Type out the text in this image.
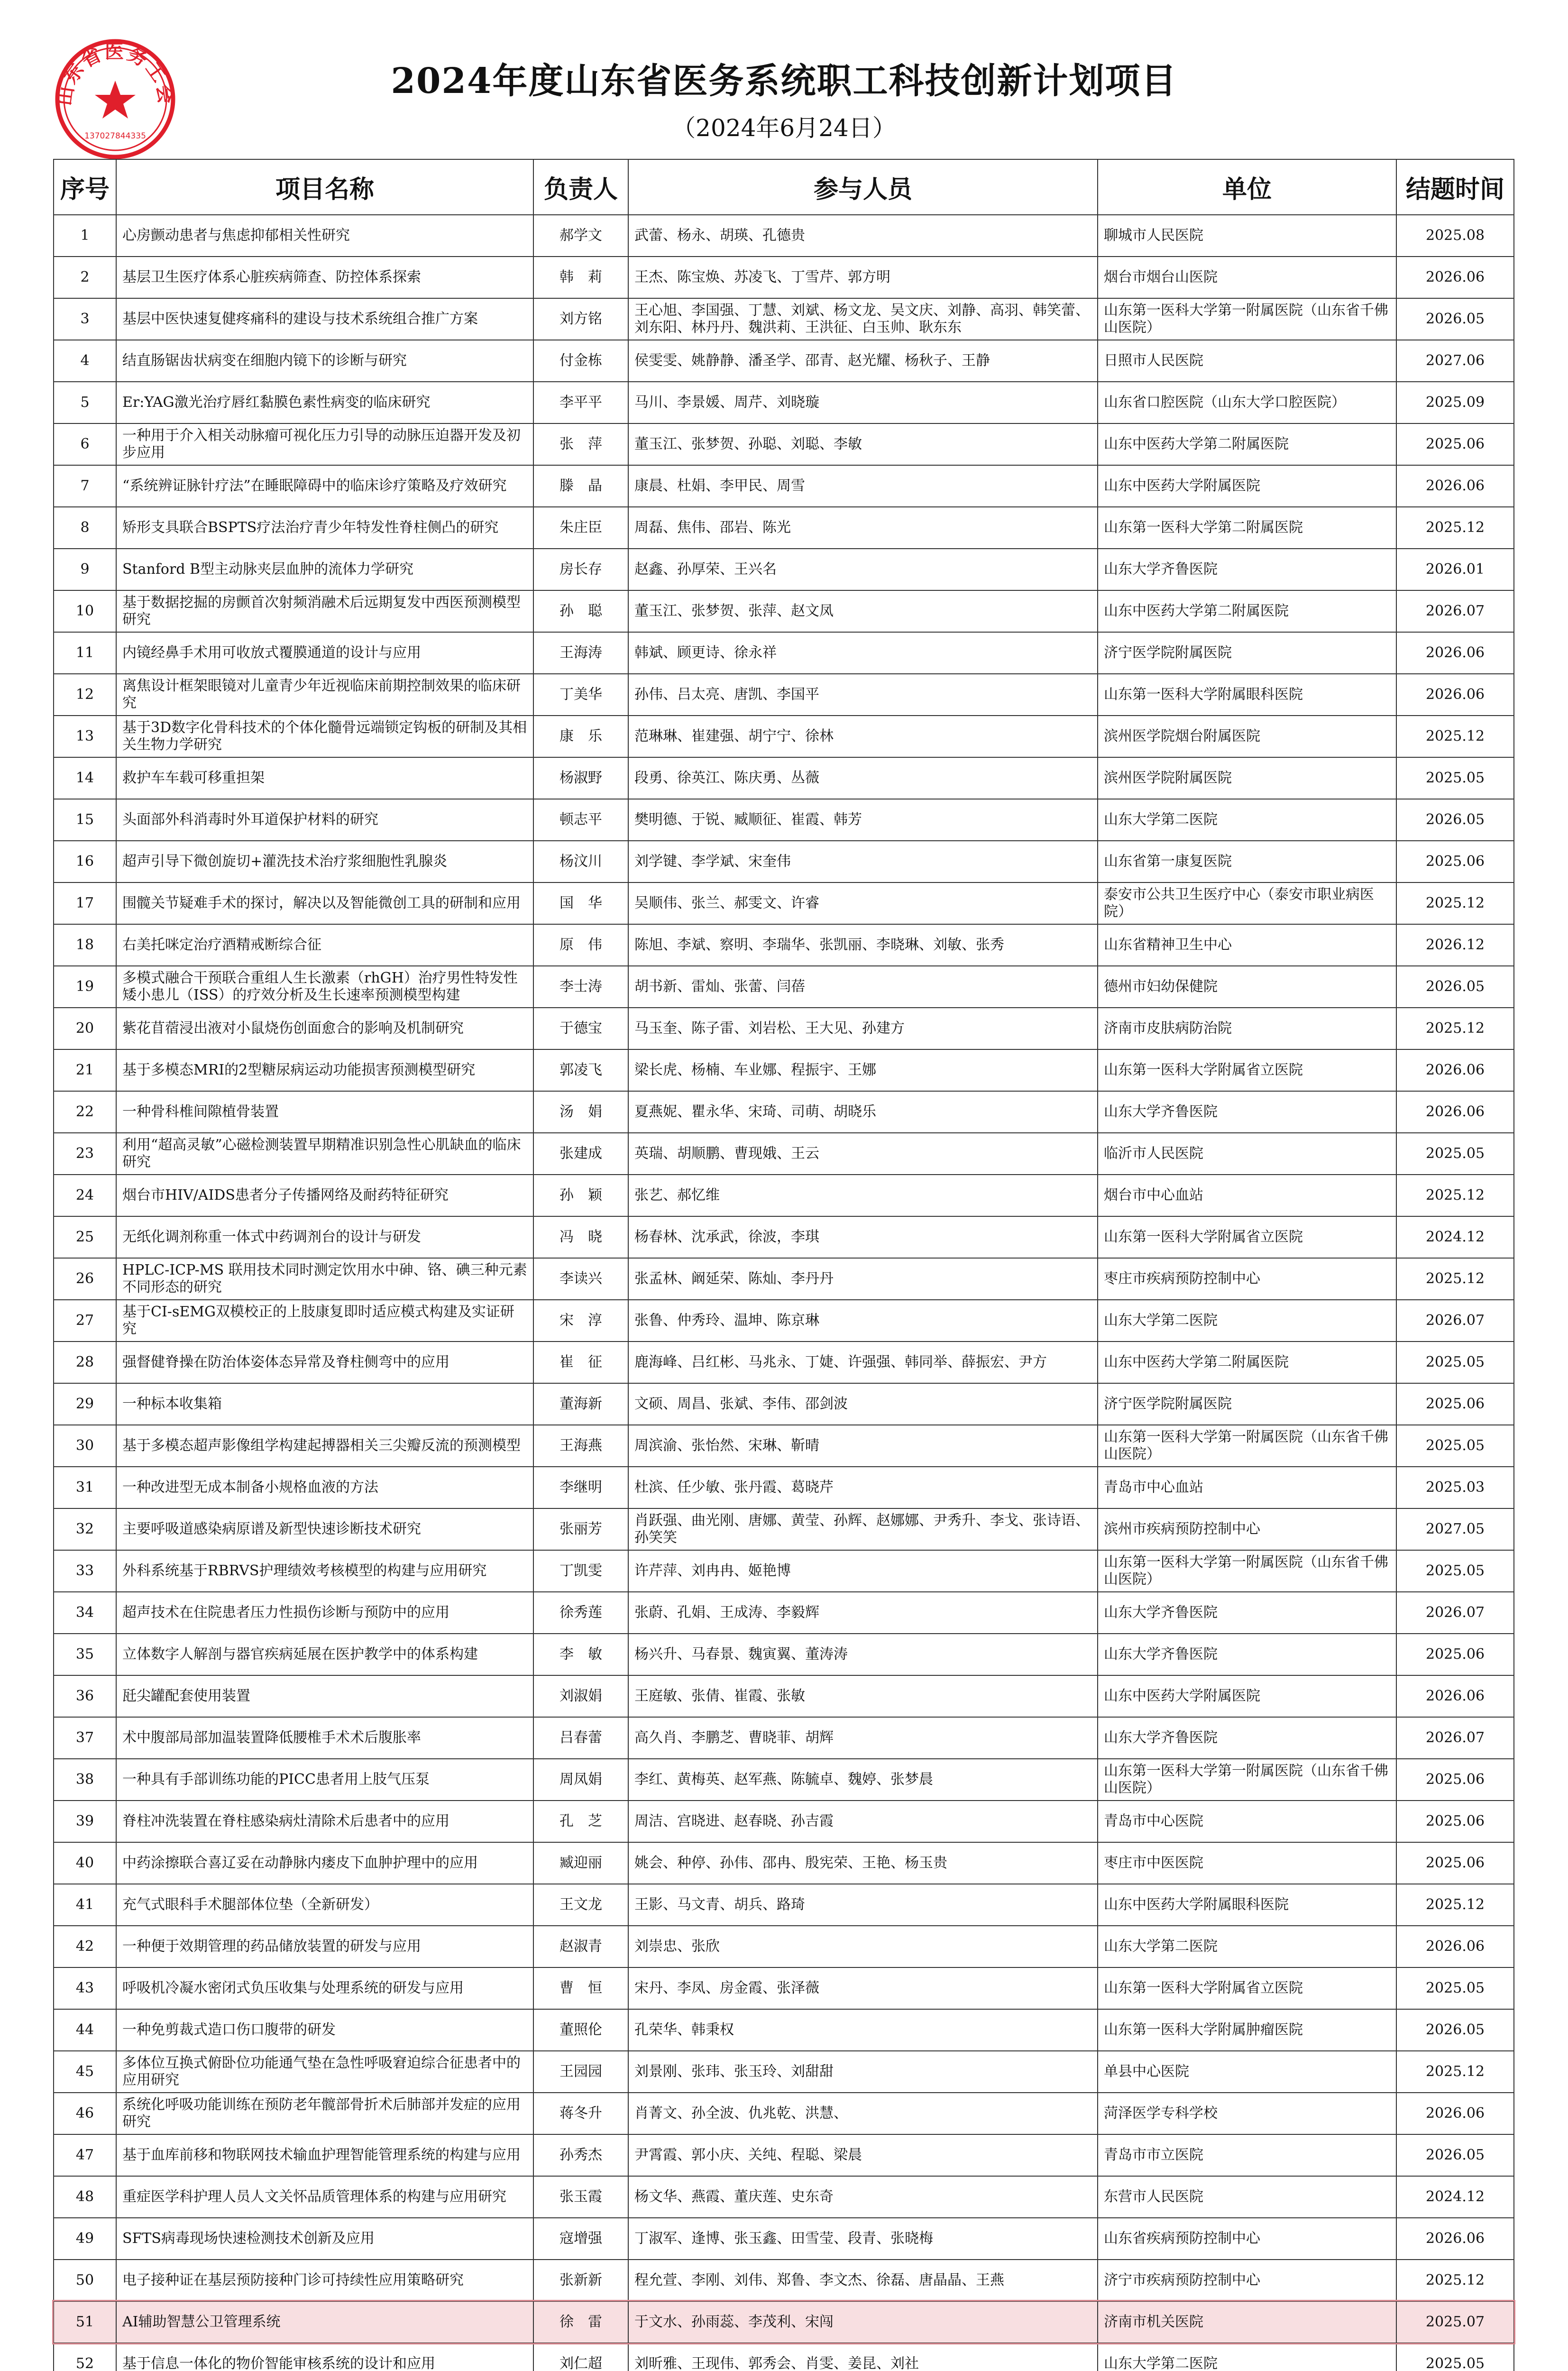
山东省医务工会
137027844335
2024年度山东省医务系统职工科技创新计划项目
（2024年6月24日）
序号	项目名称	负责人	参与人员	单位	结题时间
1	心房颤动患者与焦虑抑郁相关性研究	郝学文	武蕾、杨永、胡瑛、孔德贵	聊城市人民医院	2025.08
2	基层卫生医疗体系心脏疾病筛查、防控体系探索	韩　莉	王杰、陈宝焕、苏凌飞、丁雪芹、郭方明	烟台市烟台山医院	2026.06
3	基层中医快速复健疼痛科的建设与技术系统组合推广方案	刘方铭	王心旭、李国强、丁慧、刘斌、杨文龙、吴文庆、刘静、高羽、韩笑蕾、刘东阳、林丹丹、魏洪莉、王洪征、白玉帅、耿东东	山东第一医科大学第一附属医院（山东省千佛山医院）	2026.05
4	结直肠锯齿状病变在细胞内镜下的诊断与研究	付金栋	侯雯雯、姚静静、潘圣学、邵青、赵光耀、杨秋子、王静	日照市人民医院	2027.06
5	Er:YAG激光治疗唇红黏膜色素性病变的临床研究	李平平	马川、李景媛、周芹、刘晓璇	山东省口腔医院（山东大学口腔医院）	2025.09
6	一种用于介入相关动脉瘤可视化压力引导的动脉压迫器开发及初步应用	张　萍	董玉江、张梦贺、孙聪、刘聪、李敏	山东中医药大学第二附属医院	2025.06
7	“系统辨证脉针疗法”在睡眠障碍中的临床诊疗策略及疗效研究	滕　晶	康晨、杜娟、李甲民、周雪	山东中医药大学附属医院	2026.06
8	矫形支具联合BSPTS疗法治疗青少年特发性脊柱侧凸的研究	朱庄臣	周磊、焦伟、邵岩、陈光	山东第一医科大学第二附属医院	2025.12
9	Stanford B型主动脉夹层血肿的流体力学研究	房长存	赵鑫、孙厚荣、王兴名	山东大学齐鲁医院	2026.01
10	基于数据挖掘的房颤首次射频消融术后远期复发中西医预测模型研究	孙　聪	董玉江、张梦贺、张萍、赵文凤	山东中医药大学第二附属医院	2026.07
11	内镜经鼻手术用可收放式覆膜通道的设计与应用	王海涛	韩斌、顾更诗、徐永祥	济宁医学院附属医院	2026.06
12	离焦设计框架眼镜对儿童青少年近视临床前期控制效果的临床研究	丁美华	孙伟、吕太亮、唐凯、李国平	山东第一医科大学附属眼科医院	2026.06
13	基于3D数字化骨科技术的个体化髓骨远端锁定钩板的研制及其相关生物力学研究	康　乐	范琳琳、崔建强、胡宁宁、徐林	滨州医学院烟台附属医院	2025.12
14	救护车车载可移重担架	杨淑野	段勇、徐英江、陈庆勇、丛薇	滨州医学院附属医院	2025.05
15	头面部外科消毒时外耳道保护材料的研究	顿志平	樊明德、于锐、臧顺征、崔霞、韩芳	山东大学第二医院	2026.05
16	超声引导下微创旋切+灌洗技术治疗浆细胞性乳腺炎	杨汶川	刘学键、李学斌、宋奎伟	山东省第一康复医院	2025.06
17	围髋关节疑难手术的探讨，解决以及智能微创工具的研制和应用	国　华	吴顺伟、张兰、郝雯文、许睿	泰安市公共卫生医疗中心（泰安市职业病医院）	2025.12
18	右美托咪定治疗酒精戒断综合征	原　伟	陈旭、李斌、察明、李瑞华、张凯丽、李晓琳、刘敏、张秀	山东省精神卫生中心	2026.12
19	多模式融合干预联合重组人生长激素（rhGH）治疗男性特发性矮小患儿（ISS）的疗效分析及生长速率预测模型构建	李士涛	胡书新、雷灿、张蕾、闫蓓	德州市妇幼保健院	2026.05
20	紫花苜蓿浸出液对小鼠烧伤创面愈合的影响及机制研究	于德宝	马玉奎、陈子雷、刘岩松、王大见、孙建方	济南市皮肤病防治院	2025.12
21	基于多模态MRI的2型糖尿病运动功能损害预测模型研究	郭凌飞	梁长虎、杨楠、车业娜、程振宇、王娜	山东第一医科大学附属省立医院	2026.06
22	一种骨科椎间隙植骨装置	汤　娟	夏燕妮、瞿永华、宋琦、司萌、胡晓乐	山东大学齐鲁医院	2026.06
23	利用“超高灵敏”心磁检测装置早期精准识别急性心肌缺血的临床研究	张建成	英瑞、胡顺鹏、曹现娥、王云	临沂市人民医院	2025.05
24	烟台市HIV/AIDS患者分子传播网络及耐药特征研究	孙　颖	张艺、郝忆维	烟台市中心血站	2025.12
25	无纸化调剂称重一体式中药调剂台的设计与研发	冯　晓	杨春林、沈承武，徐波，李琪	山东第一医科大学附属省立医院	2024.12
26	HPLC-ICP-MS 联用技术同时测定饮用水中砷、铬、碘三种元素不同形态的研究	李读兴	张孟林、阚延荣、陈灿、李丹丹	枣庄市疾病预防控制中心	2025.12
27	基于CI-sEMG双模校正的上肢康复即时适应模式构建及实证研究	宋　淳	张鲁、仲秀玲、温坤、陈京琳	山东大学第二医院	2026.07
28	强督健脊操在防治体姿体态异常及脊柱侧弯中的应用	崔　征	鹿海峰、吕红彬、马兆永、丁婕、许强强、韩同举、薛振宏、尹方	山东中医药大学第二附属医院	2025.05
29	一种标本收集箱	董海新	文硕、周昌、张斌、李伟、邵剑波	济宁医学院附属医院	2025.06
30	基于多模态超声影像组学构建起搏器相关三尖瓣反流的预测模型	王海燕	周滨渝、张怡然、宋琳、靳晴	山东第一医科大学第一附属医院（山东省千佛山医院）	2025.05
31	一种改进型无成本制备小规格血液的方法	李继明	杜滨、任少敏、张丹霞、葛晓芹	青岛市中心血站	2025.03
32	主要呼吸道感染病原谱及新型快速诊断技术研究	张丽芳	肖跃强、曲光刚、唐娜、黄莹、孙辉、赵娜娜、尹秀升、李戈、张诗语、孙笑笑	滨州市疾病预防控制中心	2027.05
33	外科系统基于RBRVS护理绩效考核模型的构建与应用研究	丁凯雯	许芹萍、刘冉冉、姬艳博	山东第一医科大学第一附属医院（山东省千佛山医院）	2025.05
34	超声技术在住院患者压力性损伤诊断与预防中的应用	徐秀莲	张蔚、孔娟、王成涛、李毅辉	山东大学齐鲁医院	2026.07
35	立体数字人解剖与器官疾病延展在医护教学中的体系构建	李　敏	杨兴升、马春景、魏寅翼、董涛涛	山东大学齐鲁医院	2025.06
36	瓩尖罐配套使用装置	刘淑娟	王庭敏、张倩、崔霞、张敏	山东中医药大学附属医院	2026.06
37	术中腹部局部加温装置降低腰椎手术术后腹胀率	吕春蕾	高久肖、李鹏芝、曹晓菲、胡辉	山东大学齐鲁医院	2026.07
38	一种具有手部训练功能的PICC患者用上肢气压泵	周凤娟	李红、黄梅英、赵军燕、陈毓卓、魏婷、张梦晨	山东第一医科大学第一附属医院（山东省千佛山医院）	2025.06
39	脊柱冲洗装置在脊柱感染病灶清除术后患者中的应用	孔　芝	周洁、宫晓进、赵春晓、孙吉霞	青岛市中心医院	2025.06
40	中药涂擦联合喜辽妥在动静脉内瘘皮下血肿护理中的应用	臧迎丽	姚会、种停、孙伟、邵冉、殷宪荣、王艳、杨玉贵	枣庄市中医医院	2025.06
41	充气式眼科手术腿部体位垫（全新研发）	王文龙	王影、马文青、胡兵、路琦	山东中医药大学附属眼科医院	2025.12
42	一种便于效期管理的药品储放装置的研发与应用	赵淑青	刘崇忠、张欣	山东大学第二医院	2026.06
43	呼吸机冷凝水密闭式负压收集与处理系统的研发与应用	曹　恒	宋丹、李凤、房金霞、张泽薇	山东第一医科大学附属省立医院	2025.05
44	一种免剪裁式造口伤口腹带的研发	董照伦	孔荣华、韩秉权	山东第一医科大学附属肿瘤医院	2026.05
45	多体位互换式俯卧位功能通气垫在急性呼吸窘迫综合征患者中的应用研究	王园园	刘景刚、张玮、张玉玲、刘甜甜	单县中心医院	2025.12
46	系统化呼吸功能训练在预防老年髋部骨折术后肺部并发症的应用研究	蒋冬升	肖菁文、孙全波、仇兆乾、洪慧、	菏泽医学专科学校	2026.06
47	基于血库前移和物联网技术输血护理智能管理系统的构建与应用	孙秀杰	尹霄霞、郭小庆、关纯、程聪、梁晨	青岛市市立医院	2026.05
48	重症医学科护理人员人文关怀品质管理体系的构建与应用研究	张玉霞	杨文华、燕霞、董庆莲、史东奇	东营市人民医院	2024.12
49	SFTS病毒现场快速检测技术创新及应用	寇增强	丁淑军、逢博、张玉鑫、田雪莹、段青、张晓梅	山东省疾病预防控制中心	2026.06
50	电子接种证在基层预防接种门诊可持续性应用策略研究	张新新	程允萱、李刚、刘伟、郑鲁、李文杰、徐磊、唐晶晶、王燕	济宁市疾病预防控制中心	2025.12
51	AI辅助智慧公卫管理系统	徐　雷	于文水、孙雨蕊、李茂利、宋闯	济南市机关医院	2025.07
52	基于信息一体化的物价智能审核系统的设计和应用	刘仁超	刘昕雅、王现伟、郭秀会、肖雯、姜昆、刘社	山东大学第二医院	2025.05
